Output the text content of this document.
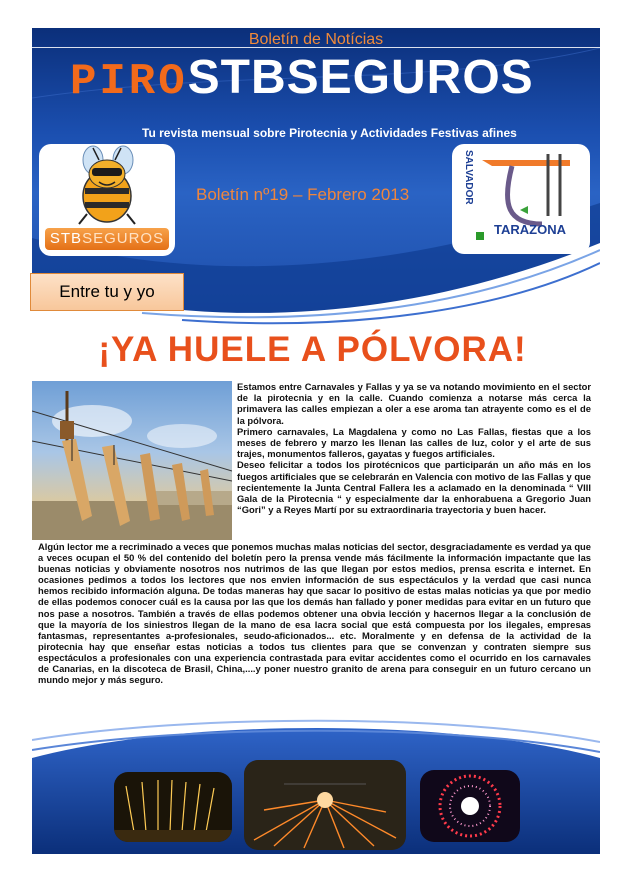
Boletín de Notícias
PIROSTBSEGUROS
Tu revista mensual sobre Pirotecnia y Actividades Festivas afines
Boletín nº19 – Febrero 2013
STBSEGUROS
SALVADOR
TARAZONA
Entre tu y yo
¡YA HUELE A PÓLVORA!
Estamos entre Carnavales y Fallas y ya se va notando movimiento en el sector de la pirotecnia y en la calle. Cuando comienza a notarse más cerca la primavera las calles empiezan a oler a ese aroma tan atrayente como es el de la pólvora.
Primero carnavales, La Magdalena y como no Las Fallas, fiestas que a los meses de febrero y marzo les llenan las calles de luz, color y el arte de sus trajes, monumentos falleros, gayatas y fuegos artificiales.
Deseo felicitar a todos los pirotécnicos que participarán un año más en los fuegos artificiales que se celebrarán en Valencia con motivo de las Fallas y que recientemente la Junta Central Fallera les a aclamado en la denominada “ VIII Gala de la Pirotecnia “ y especialmente dar la enhorabuena a Gregorio Juan “Gori” y a Reyes Martí por su extraordinaria trayectoria y buen hacer.
Algún lector me a recriminado a veces que ponemos muchas malas noticias del sector, desgraciadamente es verdad ya que a veces ocupan el 50 % del contenido del boletín pero la prensa vende más fácilmente la información impactante que las buenas noticias y obviamente nosotros nos nutrimos de las que llegan por estos medios, prensa escrita e internet. En ocasiones pedimos a todos los lectores que nos envien información de sus espectáculos y la verdad que casi nunca hemos recibido información alguna. De todas maneras hay que sacar lo positivo de estas malas noticias ya que por medio de ellas podemos conocer cuál es la causa por las que los demás han fallado y poner medidas para evitar en un futuro que nos pase a nosotros. También a través de ellas podemos obtener una obvia lección y hacernos llegar a la conclusión de que la mayoría de los siniestros llegan de la mano de esa lacra social que está compuesta por los ilegales, empresas fantasmas, representantes a-profesionales, seudo-aficionados... etc. Moralmente y en defensa de la actividad de la pirotecnia hay que enseñar estas noticias a todos tus clientes para que se convenzan y contraten siempre sus espectáculos a profesionales con una experiencia contrastada para evitar accidentes como el ocurrido en los carnavales de Canarias, en la discoteca de Brasil, China,....y poner nuestro granito de arena para conseguir en un futuro cercano un mundo mejor y más seguro.
